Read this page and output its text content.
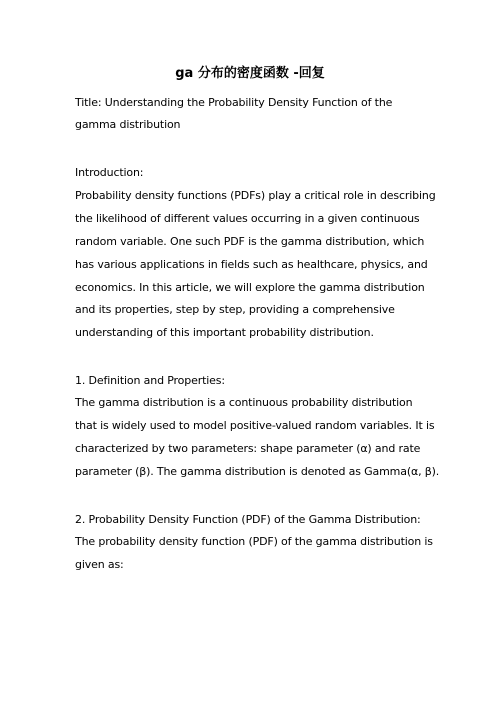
ga 分布的密度函数 -回复
Title: Understanding the Probability Density Function of the
gamma distribution
Introduction:
Probability density functions (PDFs) play a critical role in describing
the likelihood of different values occurring in a given continuous
random variable. One such PDF is the gamma distribution, which
has various applications in fields such as healthcare, physics, and
economics. In this article, we will explore the gamma distribution
and its properties, step by step, providing a comprehensive
understanding of this important probability distribution.
1. Definition and Properties:
The gamma distribution is a continuous probability distribution
that is widely used to model positive-valued random variables. It is
characterized by two parameters: shape parameter (α) and rate
parameter (β). The gamma distribution is denoted as Gamma(α, β).
2. Probability Density Function (PDF) of the Gamma Distribution:
The probability density function (PDF) of the gamma distribution is
given as:
